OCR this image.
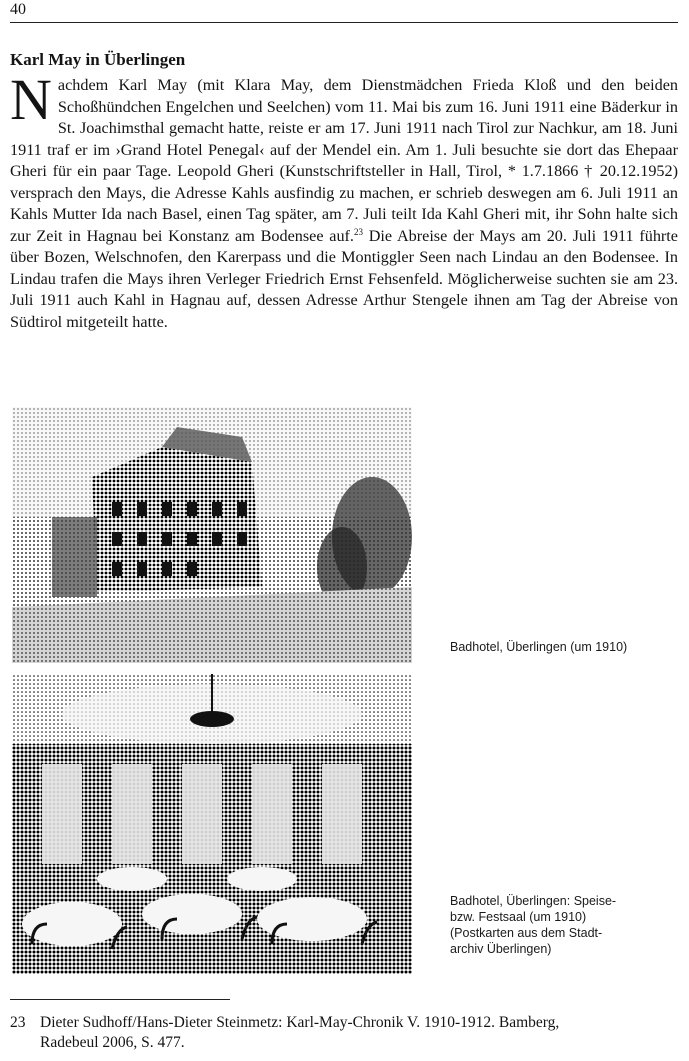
40
Karl May in Überlingen
Nachdem Karl May (mit Klara May, dem Dienstmädchen Frieda Kloß und den beiden Schoßhündchen Engelchen und Seelchen) vom 11. Mai bis zum 16. Juni 1911 eine Bäderkur in St. Joachimsthal gemacht hatte, reiste er am 17. Juni 1911 nach Tirol zur Nachkur, am 18. Juni 1911 traf er im ›Grand Hotel Penegal‹ auf der Mendel ein. Am 1. Juli besuchte sie dort das Ehepaar Gheri für ein paar Tage. Leopold Gheri (Kunstschriftsteller in Hall, Tirol, * 1.7.1866 † 20.12.1952) versprach den Mays, die Adresse Kahls ausfindig zu machen, er schrieb deswegen am 6. Juli 1911 an Kahls Mutter Ida nach Basel, einen Tag später, am 7. Juli teilt Ida Kahl Gheri mit, ihr Sohn halte sich zur Zeit in Hagnau bei Konstanz am Bodensee auf.$^{23}$ Die Abreise der Mays am 20. Juli 1911 führte über Bozen, Welschnofen, den Karerpass und die Montiggler Seen nach Lindau an den Bodensee. In Lindau trafen die Mays ihren Verleger Friedrich Ernst Fehsenfeld. Möglicherweise suchten sie am 23. Juli 1911 auch Kahl in Hagnau auf, dessen Adresse Arthur Stengele ihnen am Tag der Abreise von Südtirol mitgeteilt hatte.
Badhotel, Überlingen (um 1910)
Badhotel, Überlingen: Speise-
bzw. Festsaal (um 1910)
(Postkarten aus dem Stadt-
archiv Überlingen)
23 Dieter Sudhoff/Hans-Dieter Steinmetz: Karl-May-Chronik V. 1910-1912. Bamberg,
Radebeul 2006, S. 477.
